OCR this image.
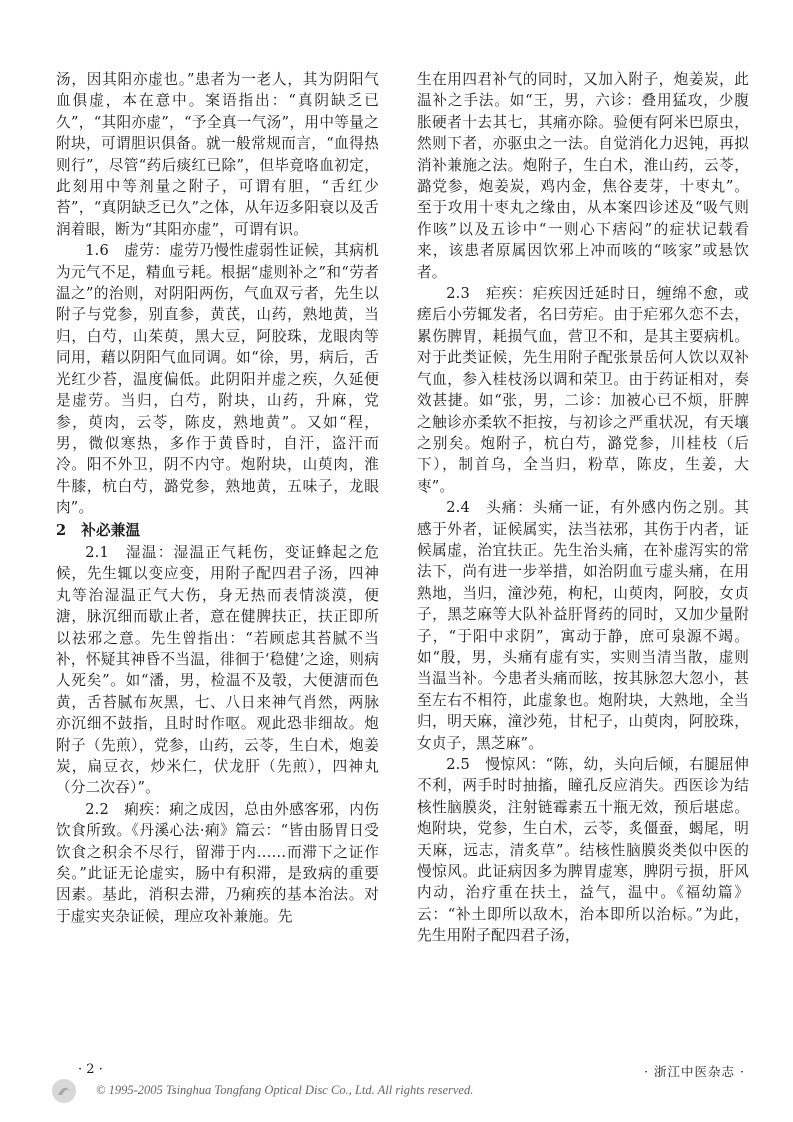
汤，因其阳亦虚也。”患者为一老人，其为阴阳气血俱虚，本在意中。案语指出：“真阴缺乏已久”，“其阳亦虚”，“予全真一气汤”，用中等量之附块，可谓胆识俱备。就一般常规而言，“血得热则行”，尽管“药后痰红已除”，但毕竟咯血初定，此刻用中等剂量之附子，可谓有胆，“舌红少苔”，“真阴缺乏已久”之体，从年迈多阳衰以及舌润着眼，断为“其阳亦虚”，可谓有识。

1.6　虚劳：虚劳乃慢性虚弱性证候，其病机为元气不足，精血亏耗。根据“虚则补之”和“劳者温之”的治则，对阴阳两伤，气血双亏者，先生以附子与党参，别直参，黄芪，山药，熟地黄，当归，白芍，山茱萸，黑大豆，阿胶珠，龙眼肉等同用，藉以阴阳气血同调。如“徐，男，病后，舌光红少苔，温度偏低。此阴阳并虚之疾，久延便是虚劳。当归，白芍，附块，山药，升麻，党参，萸肉，云苓，陈皮，熟地黄”。又如“程，男，微似寒热，多作于黄昏时，自汗，盗汗而冷。阳不外卫，阴不内守。炮附块，山萸肉，淮牛膝，杭白芍，潞党参，熟地黄，五味子，龙眼肉”。

2　补必兼温

2.1　湿温：湿温正气耗伤，变证蜂起之危候，先生辄以变应变，用附子配四君子汤，四神丸等治湿温正气大伤，身无热而表情淡漠，便溏，脉沉细而歇止者，意在健脾扶正，扶正即所以祛邪之意。先生曾指出：“若顾虑其苔腻不当补，怀疑其神昏不当温，徘徊于‘稳健’之途，则病人死矣”。如“潘，男，检温不及彀，大便溏而色黄，舌苔腻布灰黑，七、八日来神气肖然，两脉亦沉细不鼓指，且时时作呕。观此恐非细故。炮附子（先煎），党参，山药，云苓，生白术，炮姜炭，扁豆衣，炒米仁，伏龙肝（先煎），四神丸（分二次吞）”。

2.2　痢疾：痢之成因，总由外感客邪，内伤饮食所致。《丹溪心法·痢》篇云：“皆由肠胃日受饮食之积余不尽行，留滞于内……而滞下之证作矣。”此证无论虚实，肠中有积滞，是致病的重要因素。基此，消积去滞，乃痢疾的基本治法。对于虚实夹杂证候，理应攻补兼施。先

生在用四君补气的同时，又加入附子，炮姜炭，此温补之手法。如“王，男，六诊：叠用猛攻，少腹胀硬者十去其七，其痛亦除。验便有阿米巴原虫，然则下者，亦驱虫之一法。自觉消化力迟钝，再拟消补兼施之法。炮附子，生白术，淮山药，云苓，潞党参，炮姜炭，鸡内金，焦谷麦芽，十枣丸”。至于攻用十枣丸之缘由，从本案四诊述及“吸气则作咳”以及五诊中“一则心下痞闷”的症状记载看来，该患者原属因饮邪上冲而咳的“咳家”或悬饮者。

2.3　疟疾：疟疾因迁延时日，缠绵不愈，或瘥后小劳辄发者，名曰劳疟。由于疟邪久恋不去，累伤脾胃，耗损气血，营卫不和，是其主要病机。对于此类证候，先生用附子配张景岳何人饮以双补气血，参入桂枝汤以调和荣卫。由于药证相对，奏效甚捷。如“张，男，二诊：加被心已不烦，肝脾之触诊亦柔软不拒按，与初诊之严重状况，有天壤之别矣。炮附子，杭白芍，潞党参，川桂枝（后下），制首乌，全当归，粉草，陈皮，生姜，大枣”。

2.4　头痛：头痛一证，有外感内伤之别。其感于外者，证候属实，法当祛邪，其伤于内者，证候属虚，治宜扶正。先生治头痛，在补虚泻实的常法下，尚有进一步举措，如治阴血亏虚头痛，在用熟地，当归，潼沙苑，枸杞，山萸肉，阿胶，女贞子，黑芝麻等大队补益肝肾药的同时，又加少量附子，“于阳中求阴”，寓动于静，庶可泉源不竭。如“殷，男，头痛有虚有实，实则当清当散，虚则当温当补。今患者头痛而眩，按其脉忽大忽小，甚至左右不相符，此虚象也。炮附块，大熟地，全当归，明天麻，潼沙苑，甘杞子，山萸肉，阿胶珠，女贞子，黑芝麻”。

2.5　慢惊风：“陈，幼，头向后倾，右腿屈伸不利，两手时时抽搐，瞳孔反应消失。西医诊为结核性脑膜炎，注射链霉素五十瓶无效，预后堪虑。炮附块，党参，生白术，云苓，炙僵蚕，蝎尾，明天麻，远志，清炙草”。结核性脑膜炎类似中医的慢惊风。此证病因多为脾胃虚寒，脾阴亏损，肝风内动，治疗重在扶土，益气，温中。《福幼篇》云：“补土即所以敌木，治本即所以治标。”为此，先生用附子配四君子汤，

· 2 ·	· 浙江中医杂志 ·
© 1995-2005 Tsinghua Tongfang Optical Disc Co., Ltd. All rights reserved.
